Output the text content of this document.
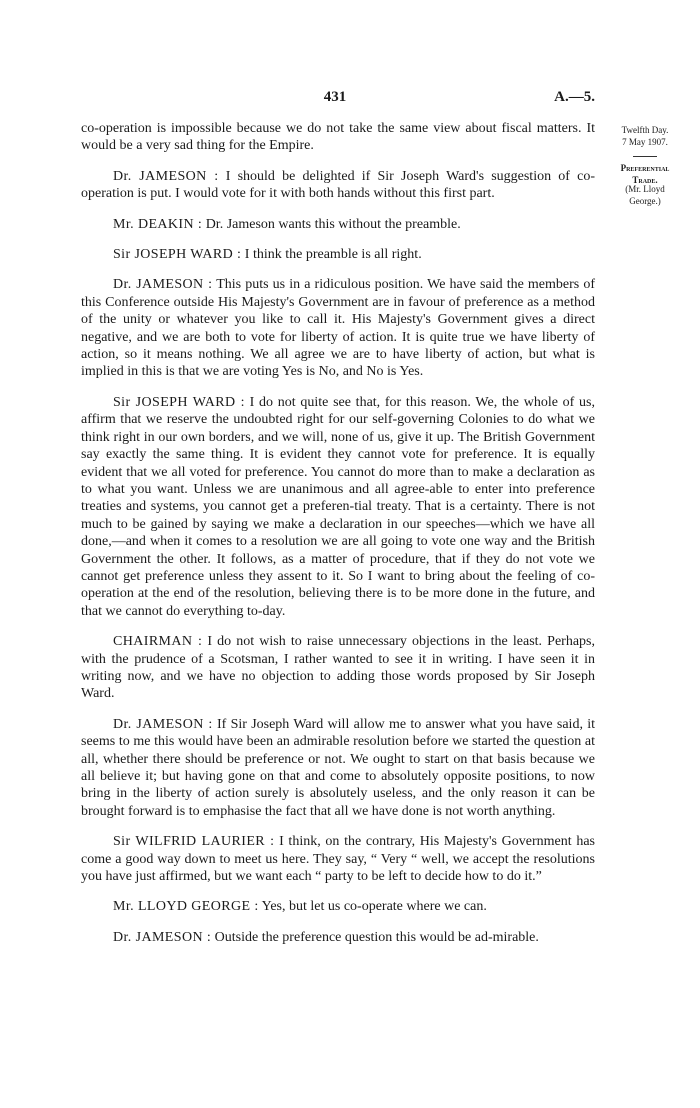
431	A.—5.
Twelfth Day.
7 May 1907.
Preferential
Trade.
(Mr. Lloyd
George.)

co-operation is impossible because we do not take the same view about fiscal matters. It would be a very sad thing for the Empire.

Dr. JAMESON : I should be delighted if Sir Joseph Ward's suggestion of co-operation is put. I would vote for it with both hands without this first part.

Mr. DEAKIN : Dr. Jameson wants this without the preamble.

Sir JOSEPH WARD : I think the preamble is all right.

Dr. JAMESON : This puts us in a ridiculous position. We have said the members of this Conference outside His Majesty's Government are in favour of preference as a method of the unity or whatever you like to call it. His Majesty's Government gives a direct negative, and we are both to vote for liberty of action. It is quite true we have liberty of action, so it means nothing. We all agree we are to have liberty of action, but what is implied in this is that we are voting Yes is No, and No is Yes.

Sir JOSEPH WARD : I do not quite see that, for this reason. We, the whole of us, affirm that we reserve the undoubted right for our self-governing Colonies to do what we think right in our own borders, and we will, none of us, give it up. The British Government say exactly the same thing. It is evident they cannot vote for preference. It is equally evident that we all voted for preference. You cannot do more than to make a declaration as to what you want. Unless we are unanimous and all agree-able to enter into preference treaties and systems, you cannot get a preferen-tial treaty. That is a certainty. There is not much to be gained by saying we make a declaration in our speeches—which we have all done,—and when it comes to a resolution we are all going to vote one way and the British Government the other. It follows, as a matter of procedure, that if they do not vote we cannot get preference unless they assent to it. So I want to bring about the feeling of co-operation at the end of the resolution, believing there is to be more done in the future, and that we cannot do everything to-day.

CHAIRMAN : I do not wish to raise unnecessary objections in the least. Perhaps, with the prudence of a Scotsman, I rather wanted to see it in writing. I have seen it in writing now, and we have no objection to adding those words proposed by Sir Joseph Ward.

Dr. JAMESON : If Sir Joseph Ward will allow me to answer what you have said, it seems to me this would have been an admirable resolution before we started the question at all, whether there should be preference or not. We ought to start on that basis because we all believe it; but having gone on that and come to absolutely opposite positions, to now bring in the liberty of action surely is absolutely useless, and the only reason it can be brought forward is to emphasise the fact that all we have done is not worth anything.

Sir WILFRID LAURIER : I think, on the contrary, His Majesty's Government has come a good way down to meet us here. They say, “ Very “ well, we accept the resolutions you have just affirmed, but we want each “ party to be left to decide how to do it.”

Mr. LLOYD GEORGE : Yes, but let us co-operate where we can.

Dr. JAMESON : Outside the preference question this would be ad-mirable.
